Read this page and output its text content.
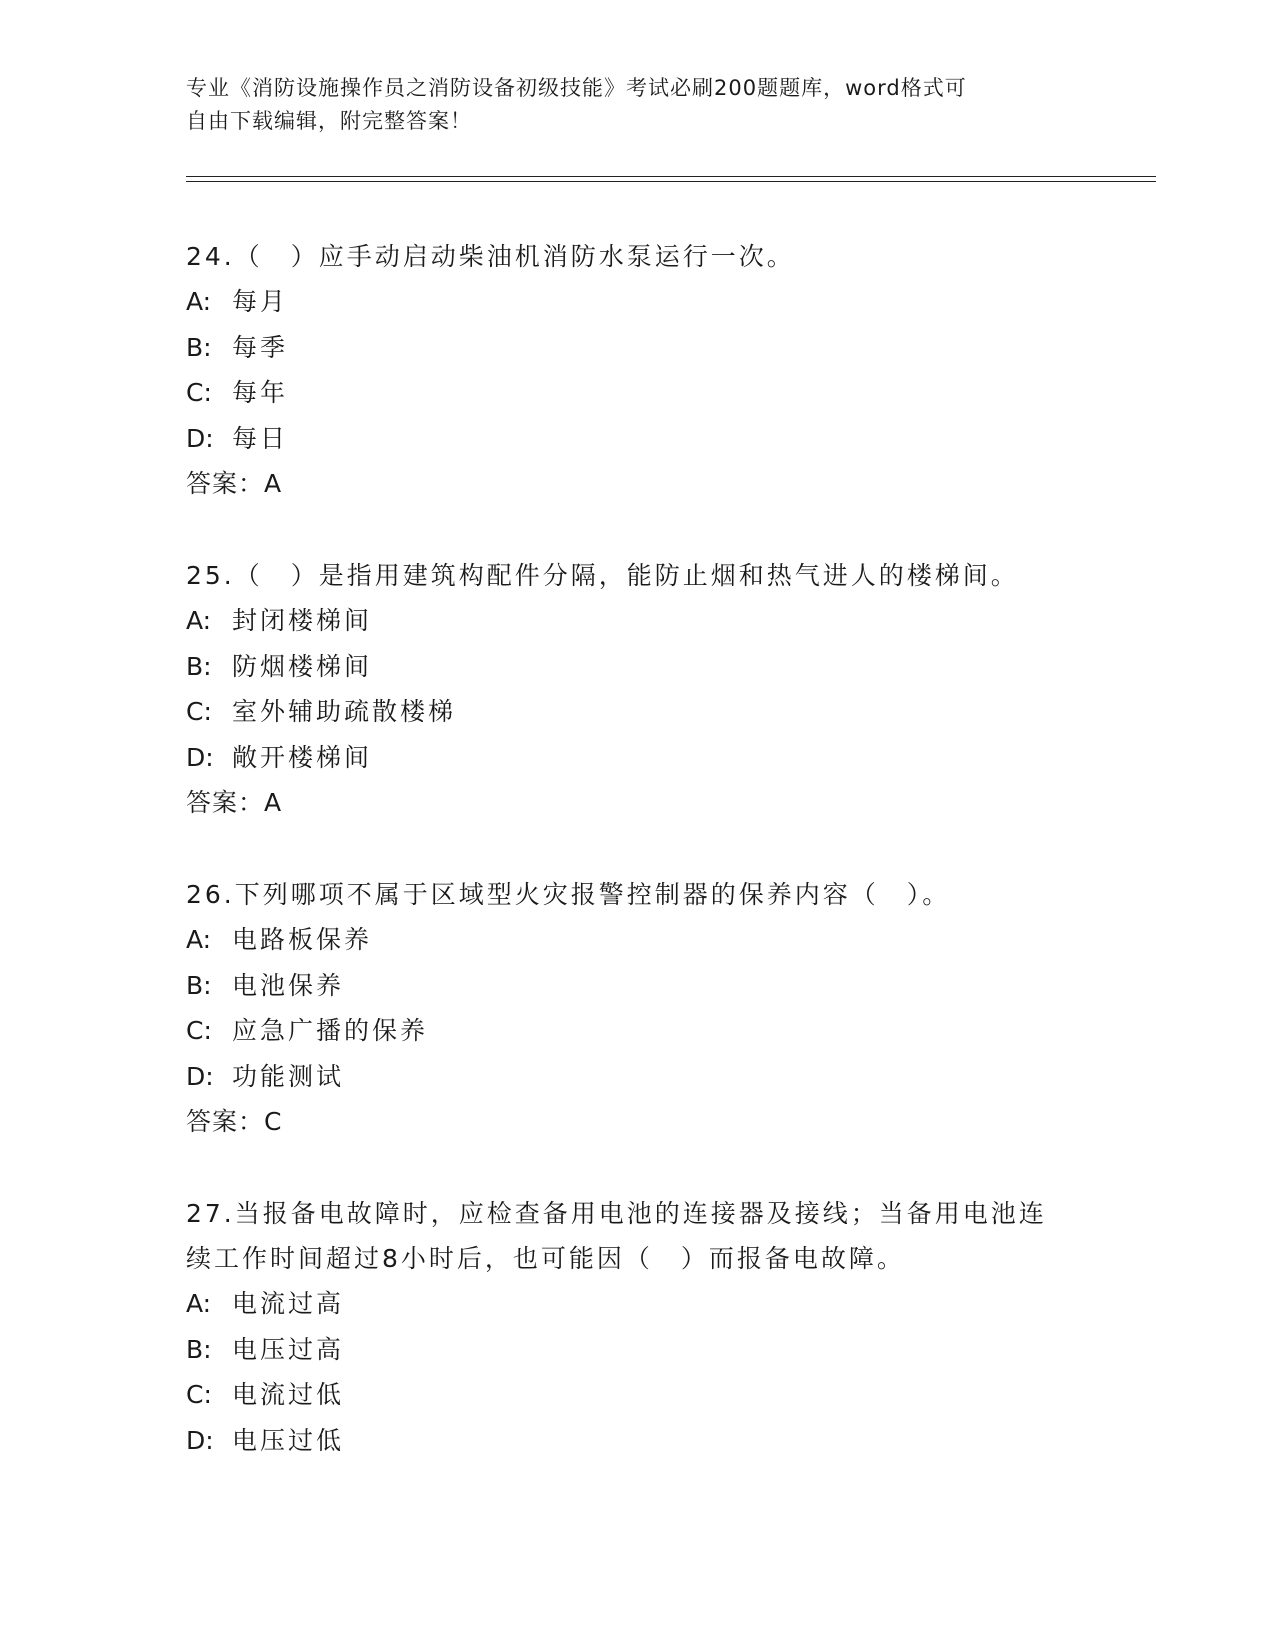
专业《消防设施操作员之消防设备初级技能》考试必刷200题题库，word格式可
自由下载编辑，附完整答案！

24.（　）应手动启动柴油机消防水泵运行一次。

A: 每月

B: 每季

C: 每年

D: 每日

答案：A

25.（　）是指用建筑构配件分隔，能防止烟和热气进人的楼梯间。

A: 封闭楼梯间

B: 防烟楼梯间

C: 室外辅助疏散楼梯

D: 敞开楼梯间

答案：A

26.下列哪项不属于区域型火灾报警控制器的保养内容（　）。

A: 电路板保养

B: 电池保养

C: 应急广播的保养

D: 功能测试

答案：C

27.当报备电故障时，应检查备用电池的连接器及接线；当备用电池连

续工作时间超过8小时后，也可能因（　）而报备电故障。

A: 电流过高

B: 电压过高

C: 电流过低

D: 电压过低
